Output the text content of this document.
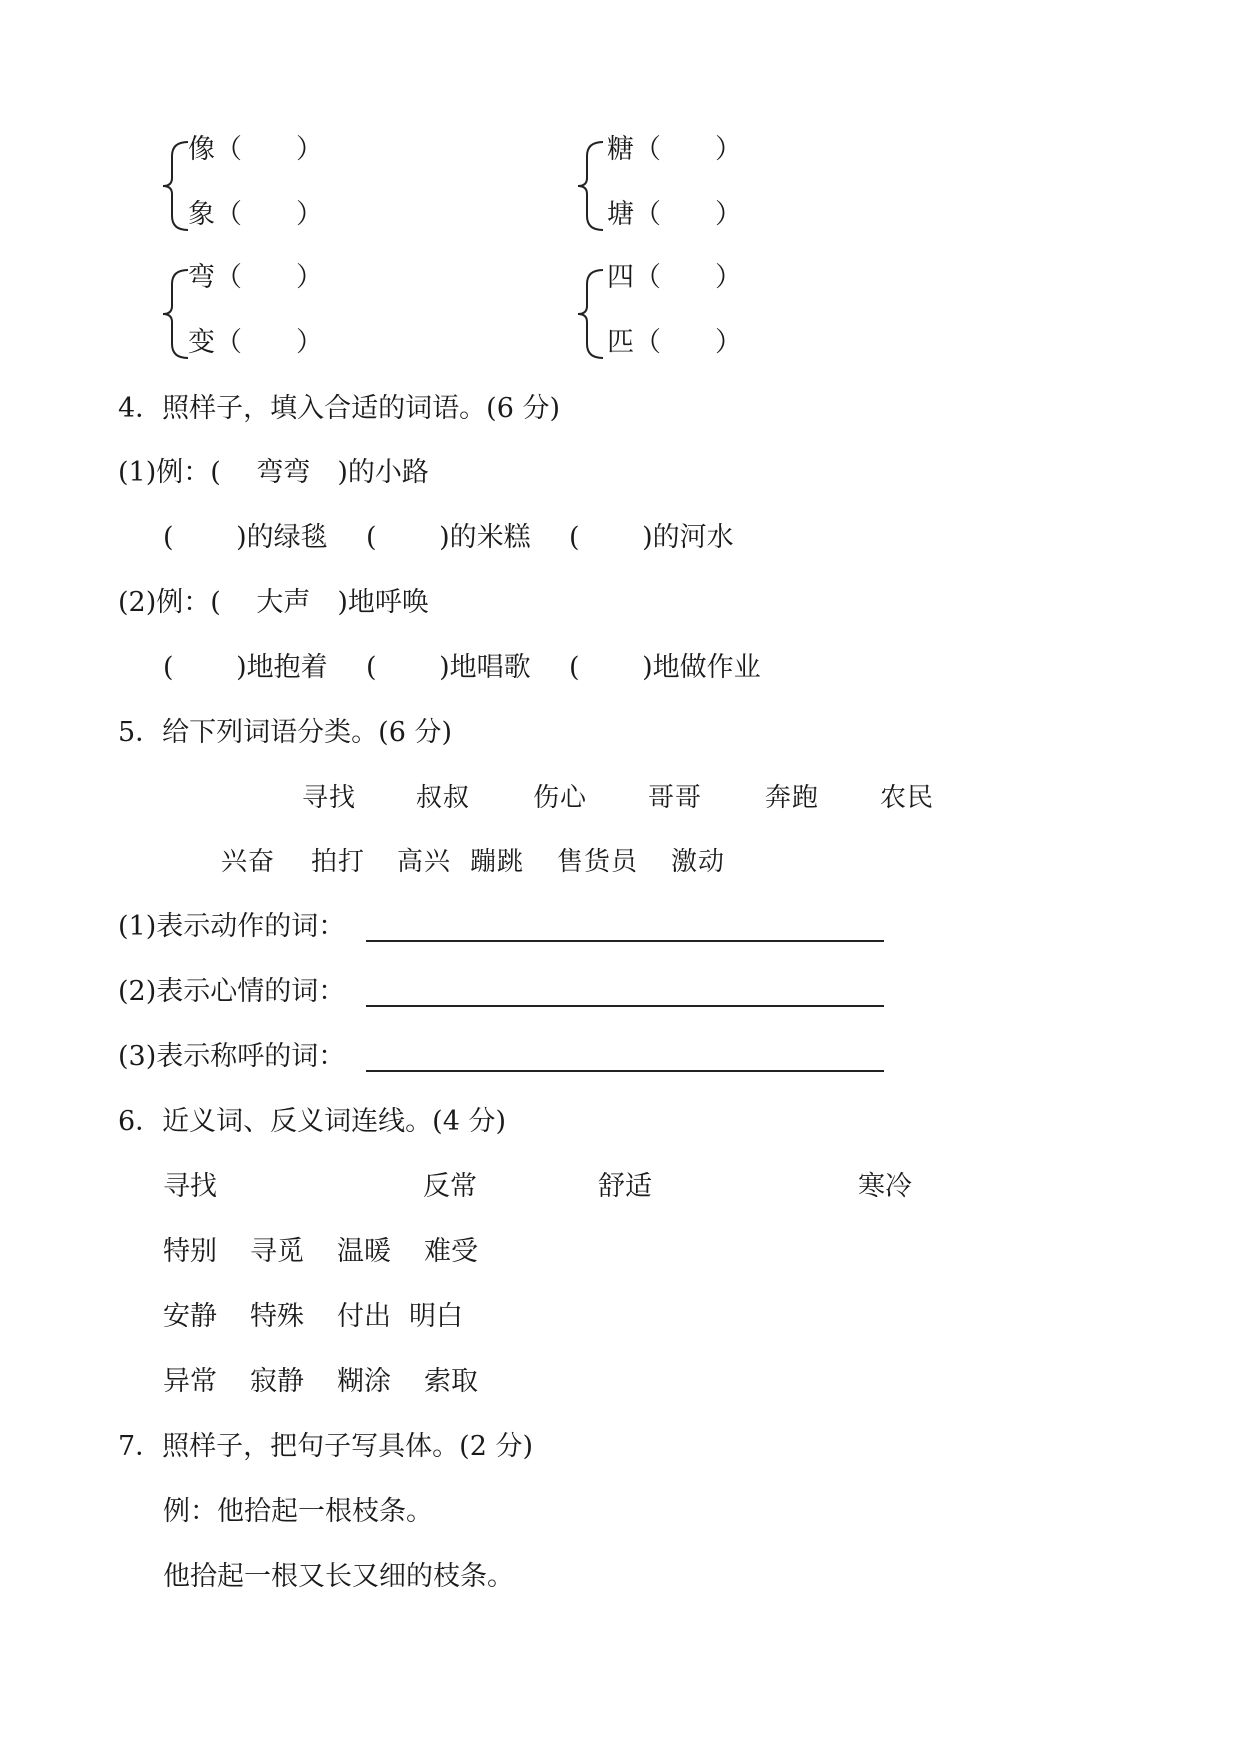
像（　　）
象（　　）
糖（　　）
塘（　　）
弯（　　）
变（　　）
四（　　）
匹（　　）
4．照样子，填入合适的词语。(6 分)
(1)例：(　 弯弯　)的小路
(　　 )的绿毯 (　　 )的米糕 (　　 )的河水
(2)例：(　 大声　)地呼唤
(　　 )地抱着 (　　 )地唱歌 (　　 )地做作业
5．给下列词语分类。(6 分)
寻找 叔叔 伤心 哥哥 奔跑 农民
兴奋 拍打 高兴 蹦跳 售货员 激动
(1)表示动作的词：
(2)表示心情的词：
(3)表示称呼的词：
6．近义词、反义词连线。(4 分)
寻找	反常	舒适	寒冷
特别 寻觅 温暖 难受
安静 特殊 付出 明白
异常 寂静 糊涂 索取
7．照样子，把句子写具体。(2 分)
例：他拾起一根枝条。
他拾起一根又长又细的枝条。
